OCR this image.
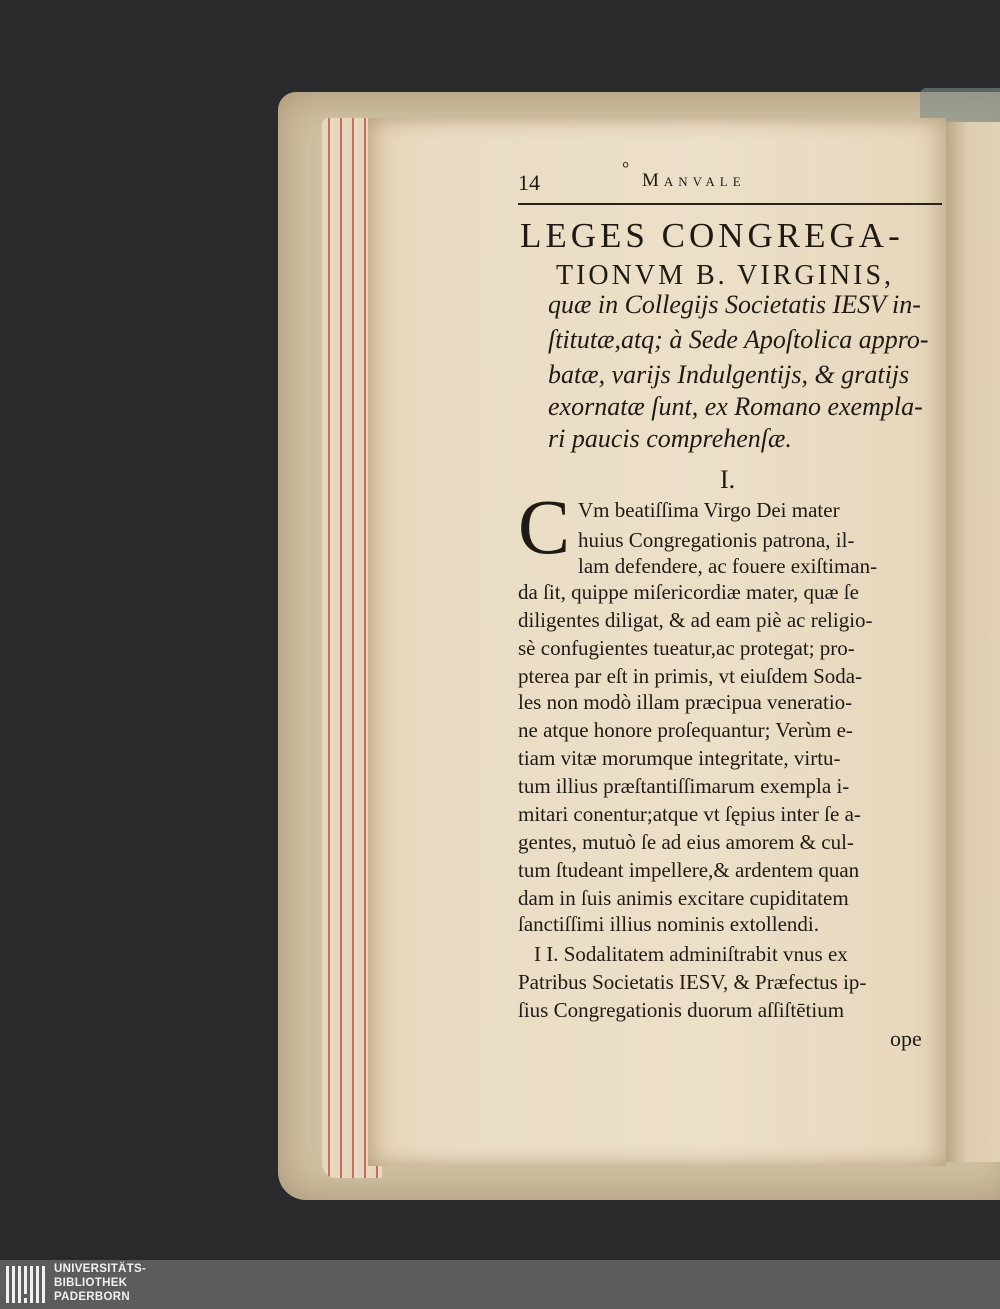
14
°
Manvale
LEGES CONGREGA-
TIONVM B. VIRGINIS,
quæ in Collegijs Societatis IESV in-
ſtitutæ,atq; à Sede Apoſtolica appro-
batæ, varijs Indulgentijs, & gratijs
exornatæ ſunt, ex Romano exempla-
ri paucis comprehenſæ.
I.
C Vm beatiſſima Virgo Dei mater
huius Congregationis patrona, il-
lam defendere, ac fouere exiſtiman-
da ſit, quippe miſericordiæ mater, quæ ſe
diligentes diligat, & ad eam piè ac religio-
sè confugientes tueatur,ac protegat; pro-
pterea par eſt in primis, vt eiuſdem Soda-
les non modò illam præcipua veneratio-
ne atque honore proſequantur; Verùm e-
tiam vitæ morumque integritate, virtu-
tum illius præſtantiſſimarum exempla i-
mitari conentur;atque vt ſępius inter ſe a-
gentes, mutuò ſe ad eius amorem & cul-
tum ſtudeant impellere,& ardentem quan
dam in ſuis animis excitare cupiditatem
ſanctiſſimi illius nominis extollendi.
I I. Sodalitatem adminiſtrabit vnus ex
Patribus Societatis IESV, & Præfectus ip-
ſius Congregationis duorum aſſiſtētium
ope
UNIVERSITÄTS-
BIBLIOTHEK
PADERBORN
